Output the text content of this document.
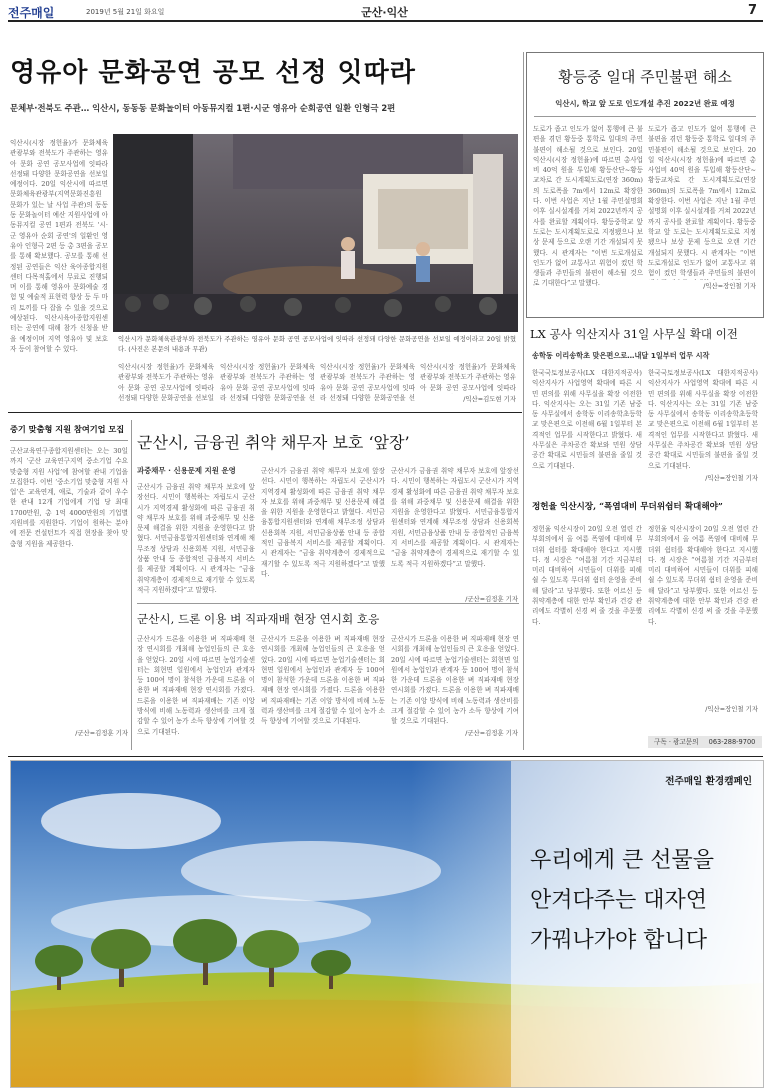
전주매일	2019년 5월 21일 화요일	군산·익산	7
영유아 문화공연 공모 선정 잇따라
문체부·전북도 주관… 익산시, 동동동 문화놀이터 아동뮤지컬 1편·시군 영유아 순회공연 일환 인형극 2편
익산시(시장 정헌율)가 문화체육관광부와 전북도가 주관하는 영유아 문화 공연 공모사업에 잇따라 선정돼 다양한 문화공연을 선보일 예정이다. 20일 익산시에 따르면 문화체육관광부(지역문화진흥원 문화가 있는 날 사업 주관)의 동동동 문화놀이터 예산 지원사업에 아동뮤지컬 공연 1편과 전북도 '시·군 영유아 순회 공연'의 일환인 영유아 인형극 2편 등 총 3편을 공모를 통해 확보했다. 공모를 통해 선정된 공연들은 익산 육아종합지원센터 다목적홀에서 무료로 진행되며 이를 통해 영유아 문화예술 경험 및 예술적 표현력 향상 등 두 마리 토끼를 다 잡을 수 있을 것으로 예상된다. 익산시육아종합지원센터는 공연에 대해 참가 신청을 받을 예정이며 지역 영유아 및 보호자 등이 참여할 수 있다.
익산시가 문화체육관광부와 전북도가 주관하는 영유아 문화 공연 공모사업에 잇따라 선정돼 다양한 문화공연을 선보일 예정이라고 20일 밝혔다. (사진은 본문의 내용과 무관)
익산시(시장 정헌율)가 문화체육관광부와 전북도가 주관하는 영유아 문화 공연 공모사업에 잇따라 선정돼 다양한 문화공연을 선보일
익산시(시장 정헌율)가 문화체육관광부와 전북도가 주관하는 영유아 문화 공연 공모사업에 잇따라 선정돼 다양한 문화공연을 선
익산시(시장 정헌율)가 문화체육관광부와 전북도가 주관하는 영유아 문화 공연 공모사업에 잇따라 선정돼 다양한 문화공연을 선
익산시(시장 정헌율)가 문화체육관광부와 전북도가 주관하는 영유아 문화 공연 공모사업에 잇따라
/익산=김도현 기자
황등중 일대 주민불편 해소
익산시, 학교 앞 도로 인도개설 추진 2022년 완료 예정
도로가 좁고 인도가 없어 통행에 큰 불편을 겪던 황등중 통학로 일대의 주민불편이 해소될 것으로 보인다. 20일 익산시(시장 정헌율)에 따르면 총사업비 40억 원을 투입해 황등산단~황등교차로 간 도시계획도로(연장 360m)의 도로폭을 7m에서 12m로 확장한다. 이번 사업은 지난 1월 주민설명회 이후 실시설계를 거쳐 2022년까지 공사를 완료할 계획이다. 황등중학교 앞 도로는 도시계획도로로 지정됐으나 보상 문제 등으로 오랜 기간 개설되지 못했다. 시 관계자는 “이번 도로개설로 인도가 없어 교통사고 위험이 컸던 학생들과 주민들의 불편이 해소될 것으로 기대한다”고 말했다.
도로가 좁고 인도가 없어 통행에 큰 불편을 겪던 황등중 통학로 일대의 주민불편이 해소될 것으로 보인다. 20일 익산시(시장 정헌율)에 따르면 총사업비 40억 원을 투입해 황등산단~황등교차로 간 도시계획도로(연장 360m)의 도로폭을 7m에서 12m로 확장한다. 이번 사업은 지난 1월 주민설명회 이후 실시설계를 거쳐 2022년까지 공사를 완료할 계획이다. 황등중학교 앞 도로는 도시계획도로로 지정됐으나 보상 문제 등으로 오랜 기간 개설되지 못했다. 시 관계자는 “이번 도로개설로 인도가 없어 교통사고 위험이 컸던 학생들과 주민들의 불편이
/익산=장인철 기자
LX 공사 익산지사 31일 사무실 확대 이전
송학동 이리송학초 맞은편으로…내달 1일부터 업무 시작
한국국토정보공사(LX 대한지적공사) 익산지사가 사업영역 확대에 따른 시민 편의를 위해 사무실을 확장 이전한다. 익산지사는 오는 31일 기존 남중동 사무실에서 송학동 이리송학초등학교 맞은편으로 이전해 6월 1일부터 본격적인 업무를 시작한다고 밝혔다. 새 사무실은 주차공간 확보와 민원 상담 공간 확대로 시민들의 불편을 줄일 것으로 기대된다.
한국국토정보공사(LX 대한지적공사) 익산지사가 사업영역 확대에 따른 시민 편의를 위해 사무실을 확장 이전한다. 익산지사는 오는 31일 기존 남중동 사무실에서 송학동 이리송학초등학교 맞은편으로 이전해 6월 1일부터 본격적인 업무를 시작한다고 밝혔다. 새 사무실은 주차공간 확보와 민원 상담 공간 확대로 시민들의 불편을 줄일 것으로 기대된다.
/익산=장인철 기자
정헌율 익산시장, “폭염대비 무더위쉼터 확대해야”
정헌율 익산시장이 20일 오전 열린 간부회의에서 올 여름 폭염에 대비해 무더위 쉼터를 확대해야 한다고 지시했다. 정 시장은 “여름철 기간 지금부터 미리 대비하여 시민들이 더위를 피해 쉴 수 있도록 무더위 쉼터 운영을 준비해 달라”고 당부했다. 또한 어르신 등 취약계층에 대한 안부 확인과 건강 관리에도 각별히 신경 써 줄 것을 주문했다.
정헌율 익산시장이 20일 오전 열린 간부회의에서 올 여름 폭염에 대비해 무더위 쉼터를 확대해야 한다고 지시했다. 정 시장은 “여름철 기간 지금부터 미리 대비하여 시민들이 더위를 피해 쉴 수 있도록 무더위 쉼터 운영을 준비해 달라”고 당부했다. 또한 어르신 등 취약계층에 대한 안부 확인과 건강 관리에도 각별히 신경 써 줄 것을 주문했다.
/익산=장인철 기자
구독 · 광고문의 063-288-9700
중기 맞춤형 지원 참여기업 모집
군산교육연구종합지원센터는 오는 30일까지 ‘군산 교육연구지역 중소기업 수요맞춤형 지원 사업’에 참여할 관내 기업을 모집한다. 이번 ‘중소기업 맞춤형 지원 사업’은 교육연계, 애로, 기술과 같이 우수한 관내 12개 기업에게 기업 당 최대 1700만원, 총 1억 4000만원의 기업별 지원비를 지원한다. 기업이 원하는 분야에 전문 컨설턴트가 직접 현장을 찾아 맞춤형 지원을 제공한다.
/군산=김정훈 기자
군산시, 금융권 취약 채무자 보호 ‘앞장’
과중채무 · 신용문제 지원 운영
군산시가 금융권 취약 채무자 보호에 앞장선다. 시민이 행복하는 자립도시 군산시가 지역경제 활성화에 따른 금융권 취약 채무자 보호를 위해 과중채무 및 신용문제 해결을 위한 지원을 운영한다고 밝혔다. 서민금융통합지원센터와 연계해 채무조정 상담과 신용회복 지원, 서민금융상품 안내 등 종합적인 금융복지 서비스를 제공할 계획이다. 시 관계자는 “금융 취약계층이 경제적으로 재기할 수 있도록 적극 지원하겠다”고 말했다.
군산시가 금융권 취약 채무자 보호에 앞장선다. 시민이 행복하는 자립도시 군산시가 지역경제 활성화에 따른 금융권 취약 채무자 보호를 위해 과중채무 및 신용문제 해결을 위한 지원을 운영한다고 밝혔다. 서민금융통합지원센터와 연계해 채무조정 상담과 신용회복 지원, 서민금융상품 안내 등 종합적인 금융복지 서비스를 제공할 계획이다. 시 관계자는 “금융 취약계층이 경제적으로 재기할 수 있도록 적극 지원하겠다”고 말했다.
군산시가 금융권 취약 채무자 보호에 앞장선다. 시민이 행복하는 자립도시 군산시가 지역경제 활성화에 따른 금융권 취약 채무자 보호를 위해 과중채무 및 신용문제 해결을 위한 지원을 운영한다고 밝혔다. 서민금융통합지원센터와 연계해 채무조정 상담과 신용회복 지원, 서민금융상품 안내 등 종합적인 금융복지 서비스를 제공할 계획이다. 시 관계자는 “금융 취약계층이 경제적으로 재기할 수 있도록 적극 지원하겠다”고 말했다.
/군산=김정훈 기자
군산시, 드론 이용 벼 직파재배 현장 연시회 호응
군산시가 드론을 이용한 벼 직파재배 현장 연시회를 개최해 농업인들의 큰 호응을 얻었다. 20일 시에 따르면 농업기술센터는 회현면 일원에서 농업인과 관계자 등 100여 명이 참석한 가운데 드론을 이용한 벼 직파재배 현장 연시회를 가졌다. 드론을 이용한 벼 직파재배는 기존 이앙 방식에 비해 노동력과 생산비를 크게 절감할 수 있어 농가 소득 향상에 기여할 것으로 기대된다.
군산시가 드론을 이용한 벼 직파재배 현장 연시회를 개최해 농업인들의 큰 호응을 얻었다. 20일 시에 따르면 농업기술센터는 회현면 일원에서 농업인과 관계자 등 100여 명이 참석한 가운데 드론을 이용한 벼 직파재배 현장 연시회를 가졌다. 드론을 이용한 벼 직파재배는 기존 이앙 방식에 비해 노동력과 생산비를 크게 절감할 수 있어 농가 소득 향상에 기여할 것으로 기대된다.
군산시가 드론을 이용한 벼 직파재배 현장 연시회를 개최해 농업인들의 큰 호응을 얻었다. 20일 시에 따르면 농업기술센터는 회현면 일원에서 농업인과 관계자 등 100여 명이 참석한 가운데 드론을 이용한 벼 직파재배 현장 연시회를 가졌다. 드론을 이용한 벼 직파재배는 기존 이앙 방식에 비해 노동력과 생산비를 크게 절감할 수 있어 농가 소득 향상에 기여할 것으로 기대된다.
/군산=김정훈 기자
전주매일 환경캠페인
우리에게 큰 선물을
안겨다주는 대자연
가꿔나가야 합니다
